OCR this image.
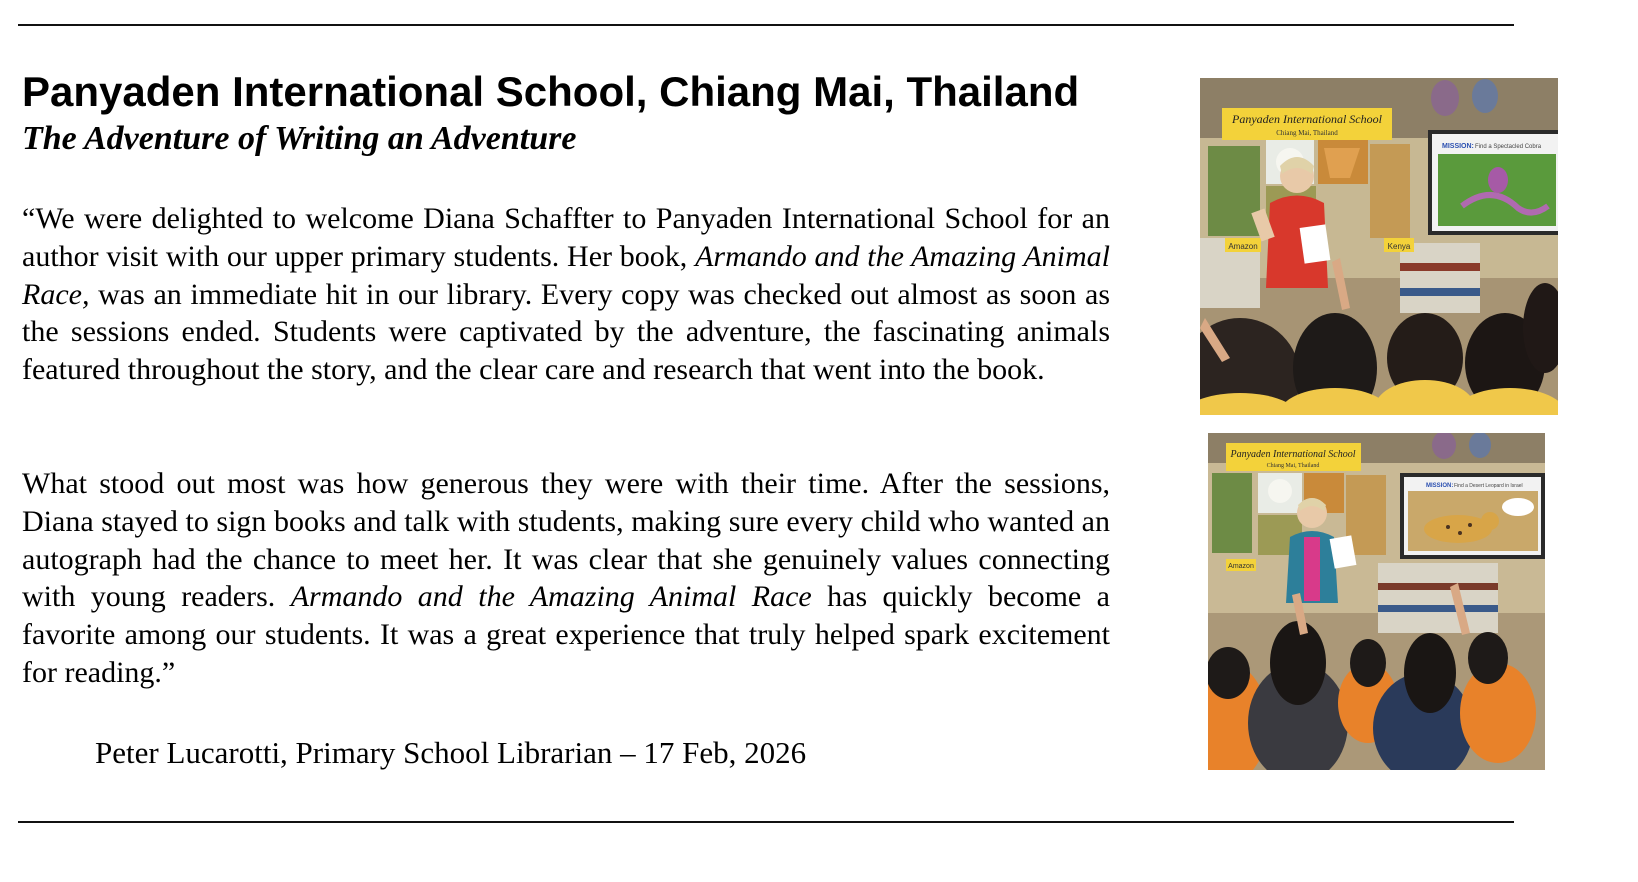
Panyaden International School, Chiang Mai, Thailand
The Adventure of Writing an Adventure

“We were delighted to welcome Diana Schaffter to Panyaden International School for an author visit with our upper primary students. Her book, Armando and the Amazing Animal Race, was an immediate hit in our library. Every copy was checked out almost as soon as the sessions ended. Students were captivated by the adventure, the fascinating animals featured throughout the story, and the clear care and research that went into the book.

What stood out most was how generous they were with their time. After the sessions, Diana stayed to sign books and talk with students, making sure every child who wanted an autograph had the chance to meet her. It was clear that she genuinely values connecting with young readers. Armando and the Amazing Animal Race has quickly become a favorite among our students. It was a great experience that truly helped spark excitement for reading.”

Peter Lucarotti, Primary School Librarian – 17 Feb, 2026

Panyaden International School
Chiang Mai, Thailand
Amazon	Kenya
MISSION: Find a Spectacled Cobra
Panyaden International School
Chiang Mai, Thailand
Amazon
MISSION: Find a Desert Leopard in Israel
